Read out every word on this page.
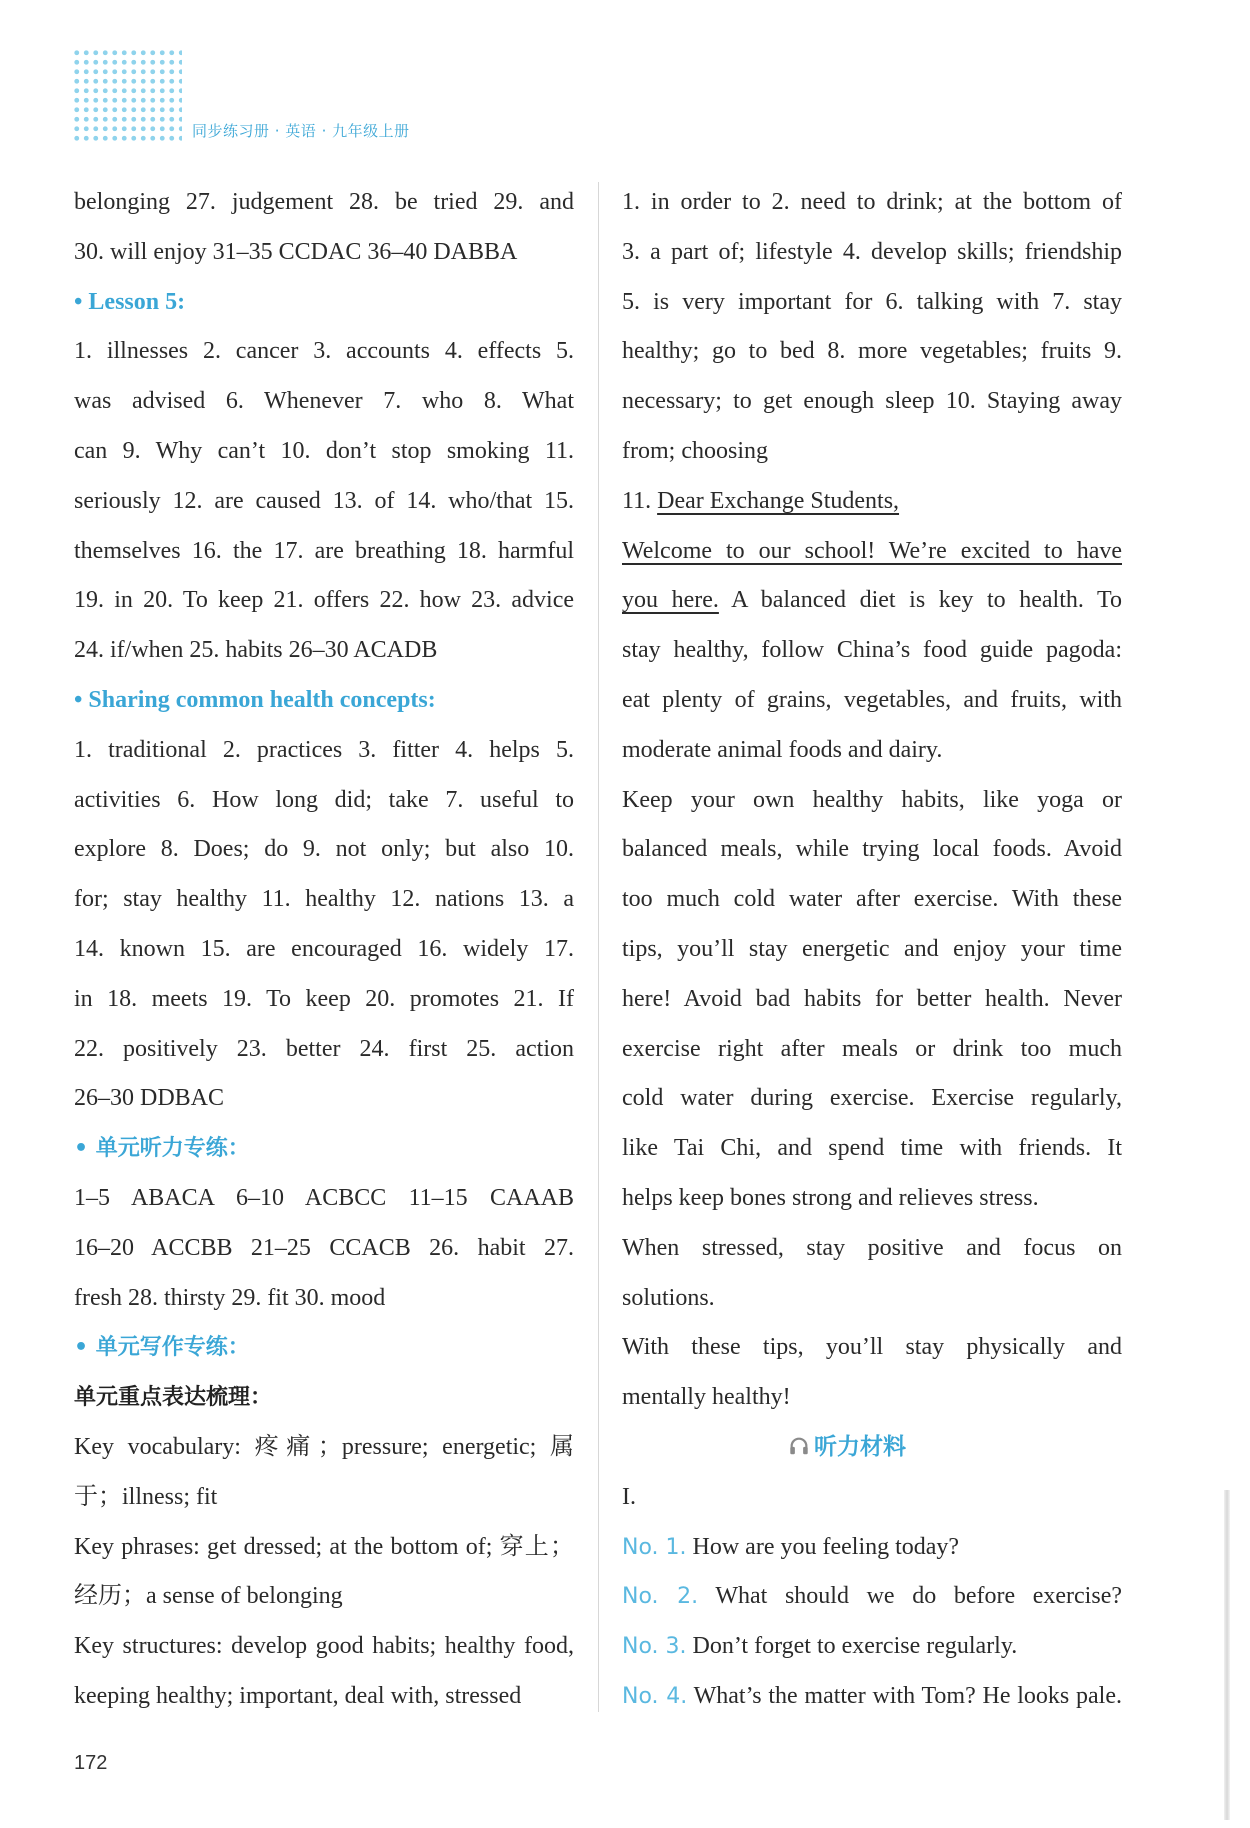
同步练习册 · 英语 · 九年级上册
belonging 27. judgement 28. be tried 29. and
30. will enjoy 31–35 CCDAC 36–40 DABBA
• Lesson 5:
1. illnesses 2. cancer 3. accounts 4. effects 5.
was advised 6. Whenever 7. who 8. What
can 9. Why can’t 10. don’t stop smoking 11.
seriously 12. are caused 13. of 14. who/that 15.
themselves 16. the 17. are breathing 18. harmful
19. in 20. To keep 21. offers 22. how 23. advice
24. if/when 25. habits 26–30 ACADB
• Sharing common health concepts:
1. traditional 2. practices 3. fitter 4. helps 5.
activities 6. How long did; take 7. useful to
explore 8. Does; do 9. not only; but also 10.
for; stay healthy 11. healthy 12. nations 13. a
14. known 15. are encouraged 16. widely 17.
in 18. meets 19. To keep 20. promotes 21. If
22. positively 23. better 24. first 25. action
26–30 DDBAC
• 单元听力专练：
1–5 ABACA 6–10 ACBCC 11–15 CAAAB
16–20 ACCBB 21–25 CCACB 26. habit 27.
fresh 28. thirsty 29. fit 30. mood
• 单元写作专练：
单元重点表达梳理：
Key vocabulary: 疼痛；pressure; energetic; 属
于；illness; fit
Key phrases: get dressed; at the bottom of; 穿上；
经历；a sense of belonging
Key structures: develop good habits; healthy food,
keeping healthy; important, deal with, stressed
1. in order to 2. need to drink; at the bottom of
3. a part of; lifestyle 4. develop skills; friendship
5. is very important for 6. talking with 7. stay
healthy; go to bed 8. more vegetables; fruits 9.
necessary; to get enough sleep 10. Staying away
from; choosing
11. Dear Exchange Students,
Welcome to our school! We’re excited to have
you here. A balanced diet is key to health. To
stay healthy, follow China’s food guide pagoda:
eat plenty of grains, vegetables, and fruits, with
moderate animal foods and dairy.
Keep your own healthy habits, like yoga or
balanced meals, while trying local foods. Avoid
too much cold water after exercise. With these
tips, you’ll stay energetic and enjoy your time
here! Avoid bad habits for better health. Never
exercise right after meals or drink too much
cold water during exercise. Exercise regularly,
like Tai Chi, and spend time with friends. It
helps keep bones strong and relieves stress.
When stressed, stay positive and focus on
solutions.
With these tips, you’ll stay physically and
mentally healthy!
听力材料
I.
No. 1. How are you feeling today?
No. 2. What should we do before exercise?
No. 3. Don’t forget to exercise regularly.
No. 4. What’s the matter with Tom? He looks pale.
172
